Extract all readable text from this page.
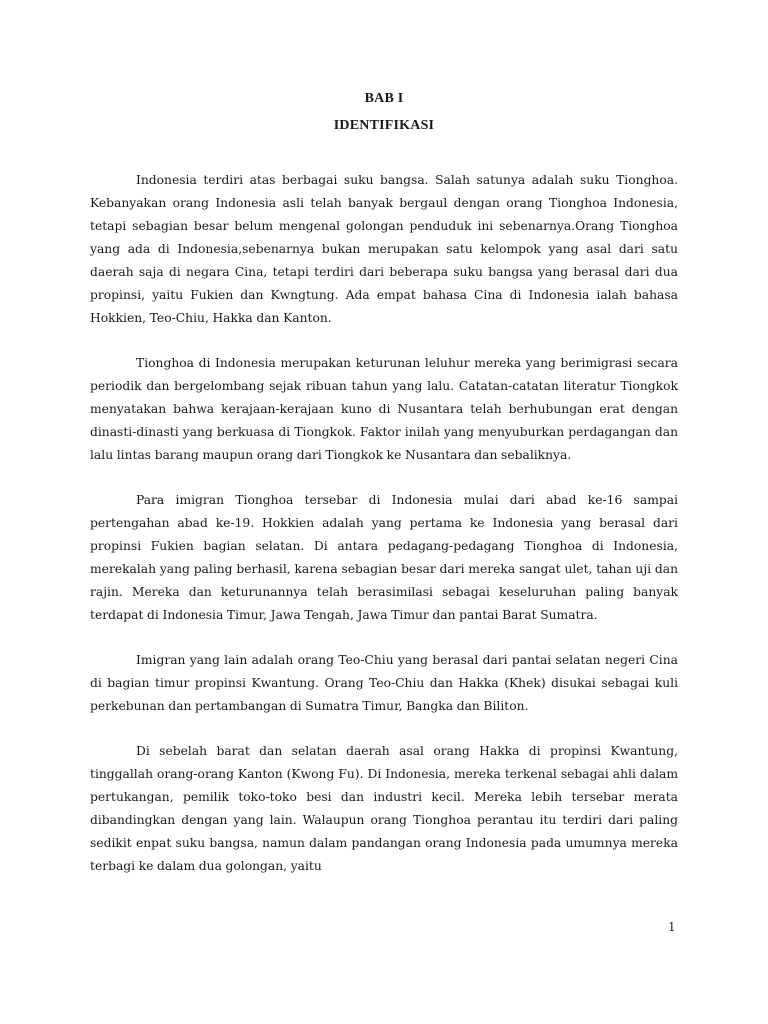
BAB I
IDENTIFIKASI

Indonesia terdiri atas berbagai suku bangsa. Salah satunya adalah suku Tionghoa. Kebanyakan orang Indonesia asli telah banyak bergaul dengan orang Tionghoa Indonesia, tetapi sebagian besar belum mengenal golongan penduduk ini sebenarnya.Orang Tionghoa yang ada di Indonesia,sebenarnya bukan merupakan satu kelompok yang asal dari satu daerah saja di negara Cina, tetapi terdiri dari beberapa suku bangsa yang berasal dari dua propinsi, yaitu Fukien dan Kwngtung. Ada empat bahasa Cina di Indonesia ialah bahasa Hokkien, Teo-Chiu, Hakka dan Kanton.

Tionghoa di Indonesia merupakan keturunan leluhur mereka yang berimigrasi secara periodik dan bergelombang sejak ribuan tahun yang lalu. Catatan-catatan literatur Tiongkok menyatakan bahwa kerajaan-kerajaan kuno di Nusantara telah berhubungan erat dengan dinasti-dinasti yang berkuasa di Tiongkok. Faktor inilah yang menyuburkan perdagangan dan lalu lintas barang maupun orang dari Tiongkok ke Nusantara dan sebaliknya.

Para imigran Tionghoa tersebar di Indonesia mulai dari abad ke-16 sampai pertengahan abad ke-19. Hokkien adalah yang pertama ke Indonesia yang berasal dari propinsi Fukien bagian selatan. Di antara pedagang-pedagang Tionghoa di Indonesia, merekalah yang paling berhasil, karena sebagian besar dari mereka sangat ulet, tahan uji dan rajin. Mereka dan keturunannya telah berasimilasi sebagai keseluruhan paling banyak terdapat di Indonesia Timur, Jawa Tengah, Jawa Timur dan pantai Barat Sumatra.

Imigran yang lain adalah orang Teo-Chiu yang berasal dari pantai selatan negeri Cina di bagian timur propinsi Kwantung. Orang Teo-Chiu dan Hakka (Khek) disukai sebagai kuli perkebunan dan pertambangan di Sumatra Timur, Bangka dan Biliton.

Di sebelah barat dan selatan daerah asal orang Hakka di propinsi Kwantung, tinggallah orang-orang Kanton (Kwong Fu). Di Indonesia, mereka terkenal sebagai ahli dalam pertukangan, pemilik toko-toko besi dan industri kecil. Mereka lebih tersebar merata dibandingkan dengan yang lain. Walaupun orang Tionghoa perantau itu terdiri dari paling sedikit enpat suku bangsa, namun dalam pandangan orang Indonesia pada umumnya mereka terbagi ke dalam dua golongan, yaitu

1
